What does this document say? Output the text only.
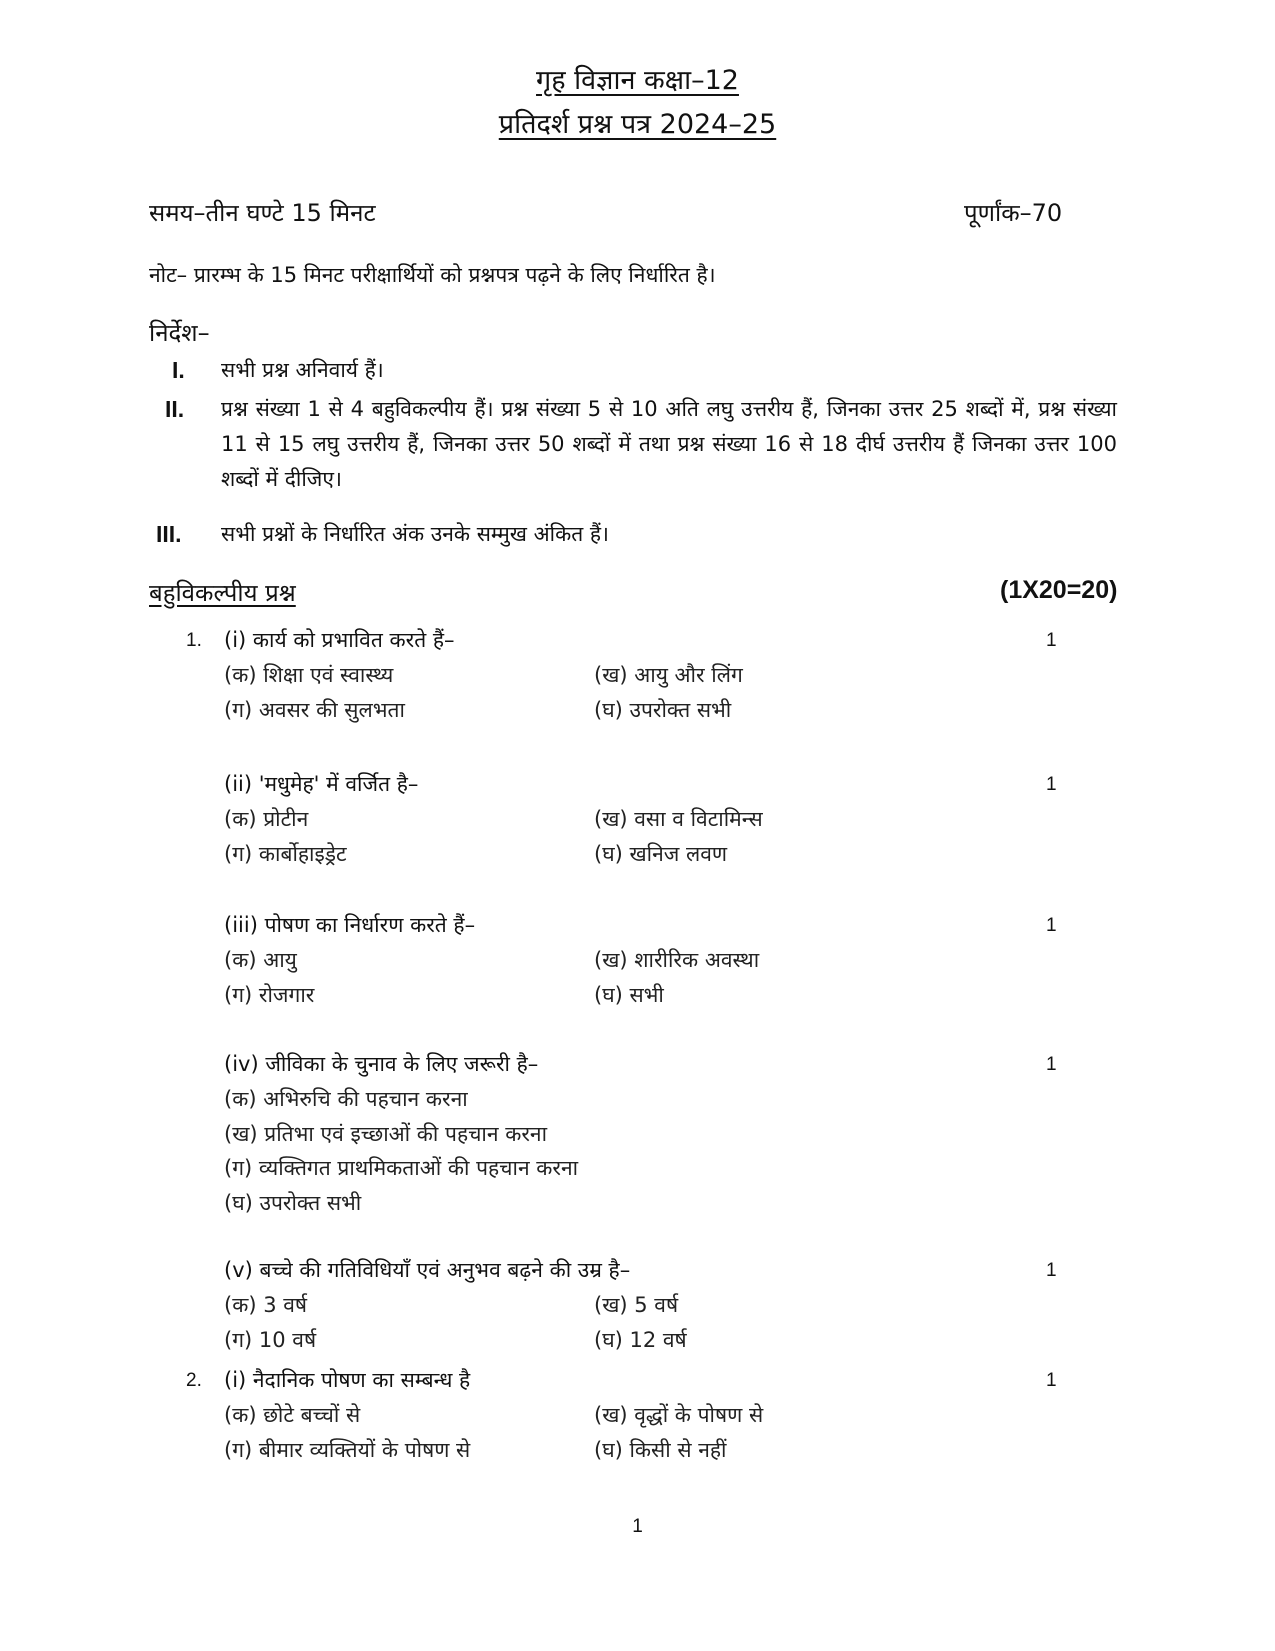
गृह विज्ञान कक्षा–12
प्रतिदर्श प्रश्न पत्र 2024–25
समय–तीन घण्टे 15 मिनट	पूर्णांक–70
नोट– प्रारम्भ के 15 मिनट परीक्षार्थियों को प्रश्नपत्र पढ़ने के लिए निर्धारित है।
निर्देश–
I. सभी प्रश्न अनिवार्य हैं।
II. प्रश्न संख्या 1 से 4 बहुविकल्पीय हैं। प्रश्न संख्या 5 से 10 अति लघु उत्तरीय हैं, जिनका उत्तर 25 शब्दों में, प्रश्न संख्या 11 से 15 लघु उत्तरीय हैं, जिनका उत्तर 50 शब्दों में तथा प्रश्न संख्या 16 से 18 दीर्घ उत्तरीय हैं जिनका उत्तर 100 शब्दों में दीजिए।
III. सभी प्रश्नों के निर्धारित अंक उनके सम्मुख अंकित हैं।
बहुविकल्पीय प्रश्न	(1X20=20)
1. (i) कार्य को प्रभावित करते हैं–	1
(क) शिक्षा एवं स्वास्थ्य	(ख) आयु और लिंग
(ग) अवसर की सुलभता	(घ) उपरोक्त सभी
(ii) 'मधुमेह' में वर्जित है–	1
(क) प्रोटीन	(ख) वसा व विटामिन्स
(ग) कार्बोहाइड्रेट	(घ) खनिज लवण
(iii) पोषण का निर्धारण करते हैं–	1
(क) आयु	(ख) शारीरिक अवस्था
(ग) रोजगार	(घ) सभी
(iv) जीविका के चुनाव के लिए जरूरी है–	1
(क) अभिरुचि की पहचान करना
(ख) प्रतिभा एवं इच्छाओं की पहचान करना
(ग) व्यक्तिगत प्राथमिकताओं की पहचान करना
(घ) उपरोक्त सभी
(v) बच्चे की गतिविधियाँ एवं अनुभव बढ़ने की उम्र है–	1
(क) 3 वर्ष	(ख) 5 वर्ष
(ग) 10 वर्ष	(घ) 12 वर्ष
2. (i) नैदानिक पोषण का सम्बन्ध है	1
(क) छोटे बच्चों से	(ख) वृद्धों के पोषण से
(ग) बीमार व्यक्तियों के पोषण से	(घ) किसी से नहीं
1
